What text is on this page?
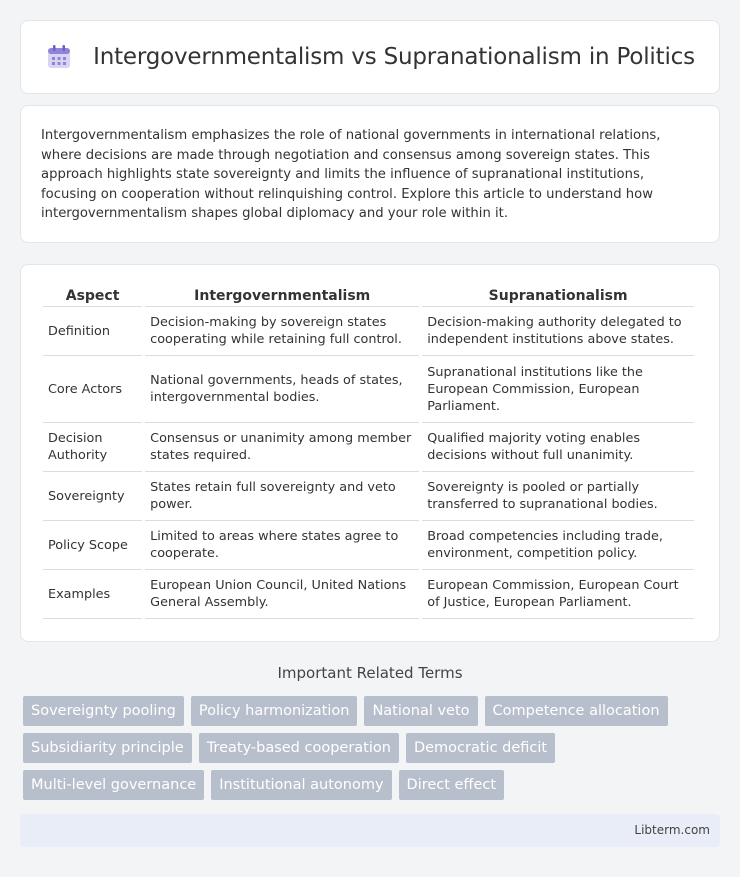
Intergovernmentalism vs Supranationalism in Politics

Intergovernmentalism emphasizes the role of national governments in international relations, where decisions are made through negotiation and consensus among sovereign states. This approach highlights state sovereignty and limits the influence of supranational institutions, focusing on cooperation without relinquishing control. Explore this article to understand how intergovernmentalism shapes global diplomacy and your role within it.

Aspect	Intergovernmentalism	Supranationalism
Definition	Decision-making by sovereign states cooperating while retaining full control.	Decision-making authority delegated to independent institutions above states.
Core Actors	National governments, heads of states, intergovernmental bodies.	Supranational institutions like the European Commission, European Parliament.
Decision Authority	Consensus or unanimity among member states required.	Qualified majority voting enables decisions without full unanimity.
Sovereignty	States retain full sovereignty and veto power.	Sovereignty is pooled or partially transferred to supranational bodies.
Policy Scope	Limited to areas where states agree to cooperate.	Broad competencies including trade, environment, competition policy.
Examples	European Union Council, United Nations General Assembly.	European Commission, European Court of Justice, European Parliament.
Important Related Terms
Sovereignty pooling	Policy harmonization	National veto	Competence allocation
Subsidiarity principle	Treaty-based cooperation	Democratic deficit
Multi-level governance	Institutional autonomy	Direct effect
Libterm.com
